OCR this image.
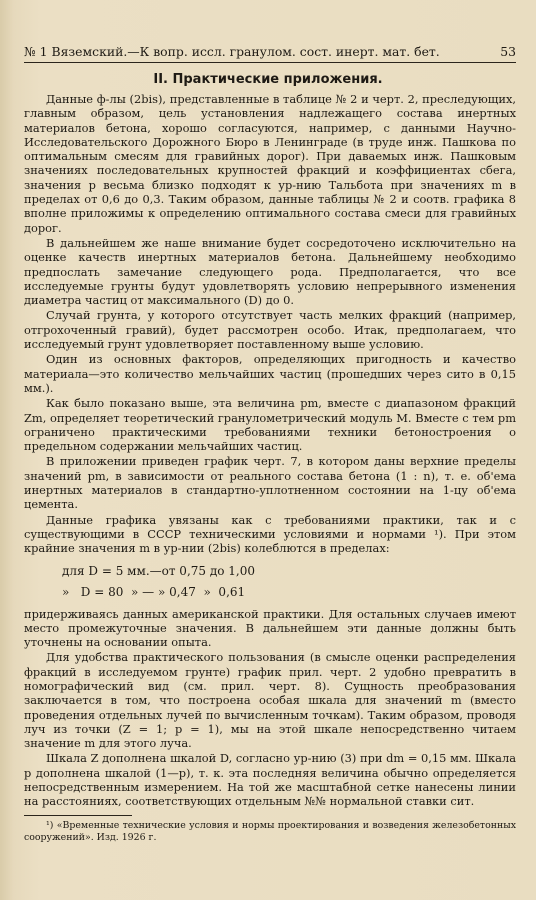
№ 1 Вяземский.—К вопр. иссл. гранулом. сост. инерт. мат. бет.	53
II. Практические приложения.

Данные ф-лы (2bis), представленные в таблице № 2 и черт. 2, преследующих, главным образом, цель установления надлежащего состава инертных материалов бетона, хорошо согласуются, например, с данными Научно-Исследовательского Дорожного Бюро в Ленинграде (в труде инж. Пашкова по оптимальным смесям для гравийных дорог). При даваемых инж. Пашковым значениях последовательных крупностей фракций и коэффициентах сбега, значения p весьма близко подходят к ур-нию Тальбота при значениях m в пределах от 0,6 до 0,3. Таким образом, данные таблицы № 2 и соотв. графика 8 вполне приложимы к определению оптимального состава смеси для гравийных дорог.

В дальнейшем же наше внимание будет сосредоточено исключительно на оценке качеств инертных материалов бетона. Дальнейшему необходимо предпослать замечание следующего рода. Предполагается, что все исследуемые грунты будут удовлетворять условию непрерывного изменения диаметра частиц от максимального (D) до 0.

Случай грунта, у которого отсутствует часть мелких фракций (например, отгрохоченный гравий), будет рассмотрен особо. Итак, предполагаем, что исследуемый грунт удовлетворяет поставленному выше условию.

Один из основных факторов, определяющих пригодность и качество материала—это количество мельчайших частиц (прошедших через сито в 0,15 мм.).

Как было показано выше, эта величина pm, вместе с диапазоном фракций Zm, определяет теоретический гранулометрический модуль M. Вместе с тем pm ограничено практическими требованиями техники бетоностроения о предельном содержании мельчайших частиц.

В приложении приведен график черт. 7, в котором даны верхние пределы значений pm, в зависимости от реального состава бетона (1 : n), т. е. об'ема инертных материалов в стандартно-уплотненном состоянии на 1-цу об'ема цемента.

Данные графика увязаны как с требованиями практики, так и с существующими в СССР техническими условиями и нормами ¹). При этом крайние значения m в ур-нии (2bis) колеблются в пределах:

для D = 5 мм.—от 0,75 до 1,00

»   D = 80  » — » 0,47  »  0,61

придерживаясь данных американской практики. Для остальных случаев имеют место промежуточные значения. В дальнейшем эти данные должны быть уточнены на основании опыта.

Для удобства практического пользования (в смысле оценки распределения фракций в исследуемом грунте) график прил. черт. 2 удобно превратить в номографический вид (см. прил. черт. 8). Сущность преобразования заключается в том, что построена особая шкала для значений m (вместо проведения отдельных лучей по вычисленным точкам). Таким образом, проводя луч из точки (Z = 1; p = 1), мы на этой шкале непосредственно читаем значение m для этого луча.

Шкала Z дополнена шкалой D, согласно ур-нию (3) при dm = 0,15 мм. Шкала p дополнена шкалой (1—p), т. к. эта последняя величина обычно определяется непосредственным измерением. На той же масштабной сетке нанесены линии на расстояниях, соответствующих отдельным №№ нормальной ставки сит.

¹) «Временные технические условия и нормы проектирования и возведения железобетонных сооружений». Изд. 1926 г.
